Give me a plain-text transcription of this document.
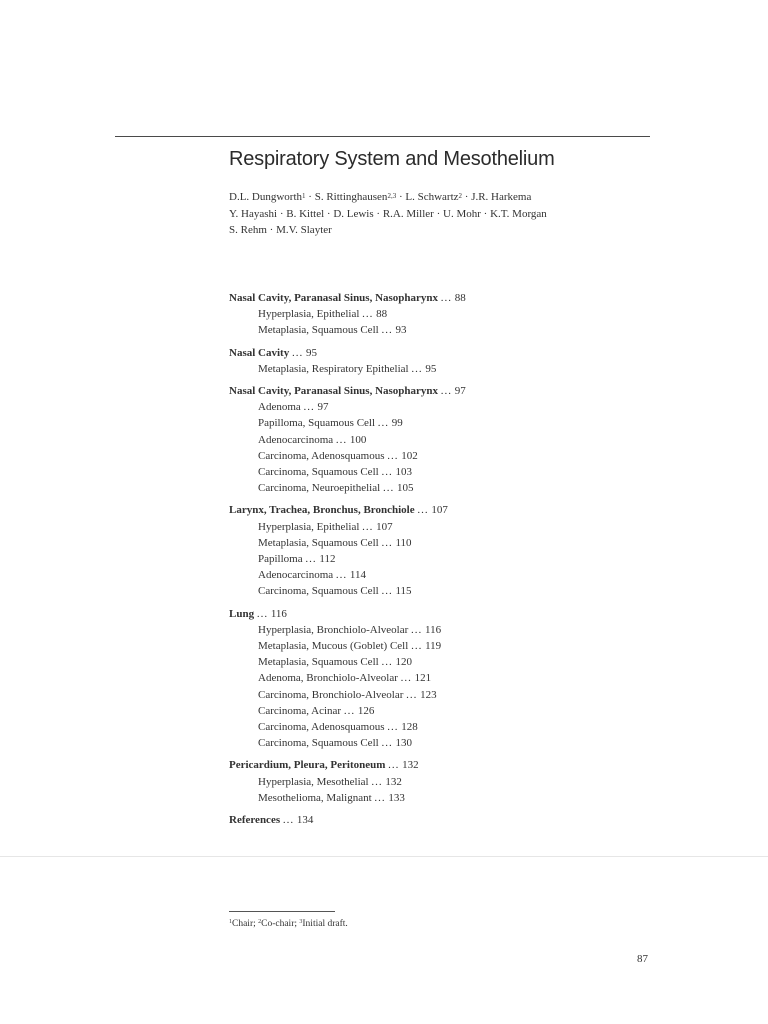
Respiratory System and Mesothelium
D.L. Dungworth$^1$ · S. Rittinghausen$^{2,3}$ · L. Schwartz$^2$ · J.R. Harkema
Y. Hayashi · B. Kittel · D. Lewis · R.A. Miller · U. Mohr · K.T. Morgan
S. Rehm · M.V. Slayter
Nasal Cavity, Paranasal Sinus, Nasopharynx ... 88
Hyperplasia, Epithelial ... 88
Metaplasia, Squamous Cell ... 93
Nasal Cavity ... 95
Metaplasia, Respiratory Epithelial ... 95
Nasal Cavity, Paranasal Sinus, Nasopharynx ... 97
Adenoma ... 97
Papilloma, Squamous Cell ... 99
Adenocarcinoma ... 100
Carcinoma, Adenosquamous ... 102
Carcinoma, Squamous Cell ... 103
Carcinoma, Neuroepithelial ... 105
Larynx, Trachea, Bronchus, Bronchiole ... 107
Hyperplasia, Epithelial ... 107
Metaplasia, Squamous Cell ... 110
Papilloma ... 112
Adenocarcinoma ... 114
Carcinoma, Squamous Cell ... 115
Lung ... 116
Hyperplasia, Bronchiolo-Alveolar ... 116
Metaplasia, Mucous (Goblet) Cell ... 119
Metaplasia, Squamous Cell ... 120
Adenoma, Bronchiolo-Alveolar ... 121
Carcinoma, Bronchiolo-Alveolar ... 123
Carcinoma, Acinar ... 126
Carcinoma, Adenosquamous ... 128
Carcinoma, Squamous Cell ... 130
Pericardium, Pleura, Peritoneum ... 132
Hyperplasia, Mesothelial ... 132
Mesothelioma, Malignant ... 133
References ... 134
$^1$Chair; $^2$Co-chair; $^3$Initial draft.
87
